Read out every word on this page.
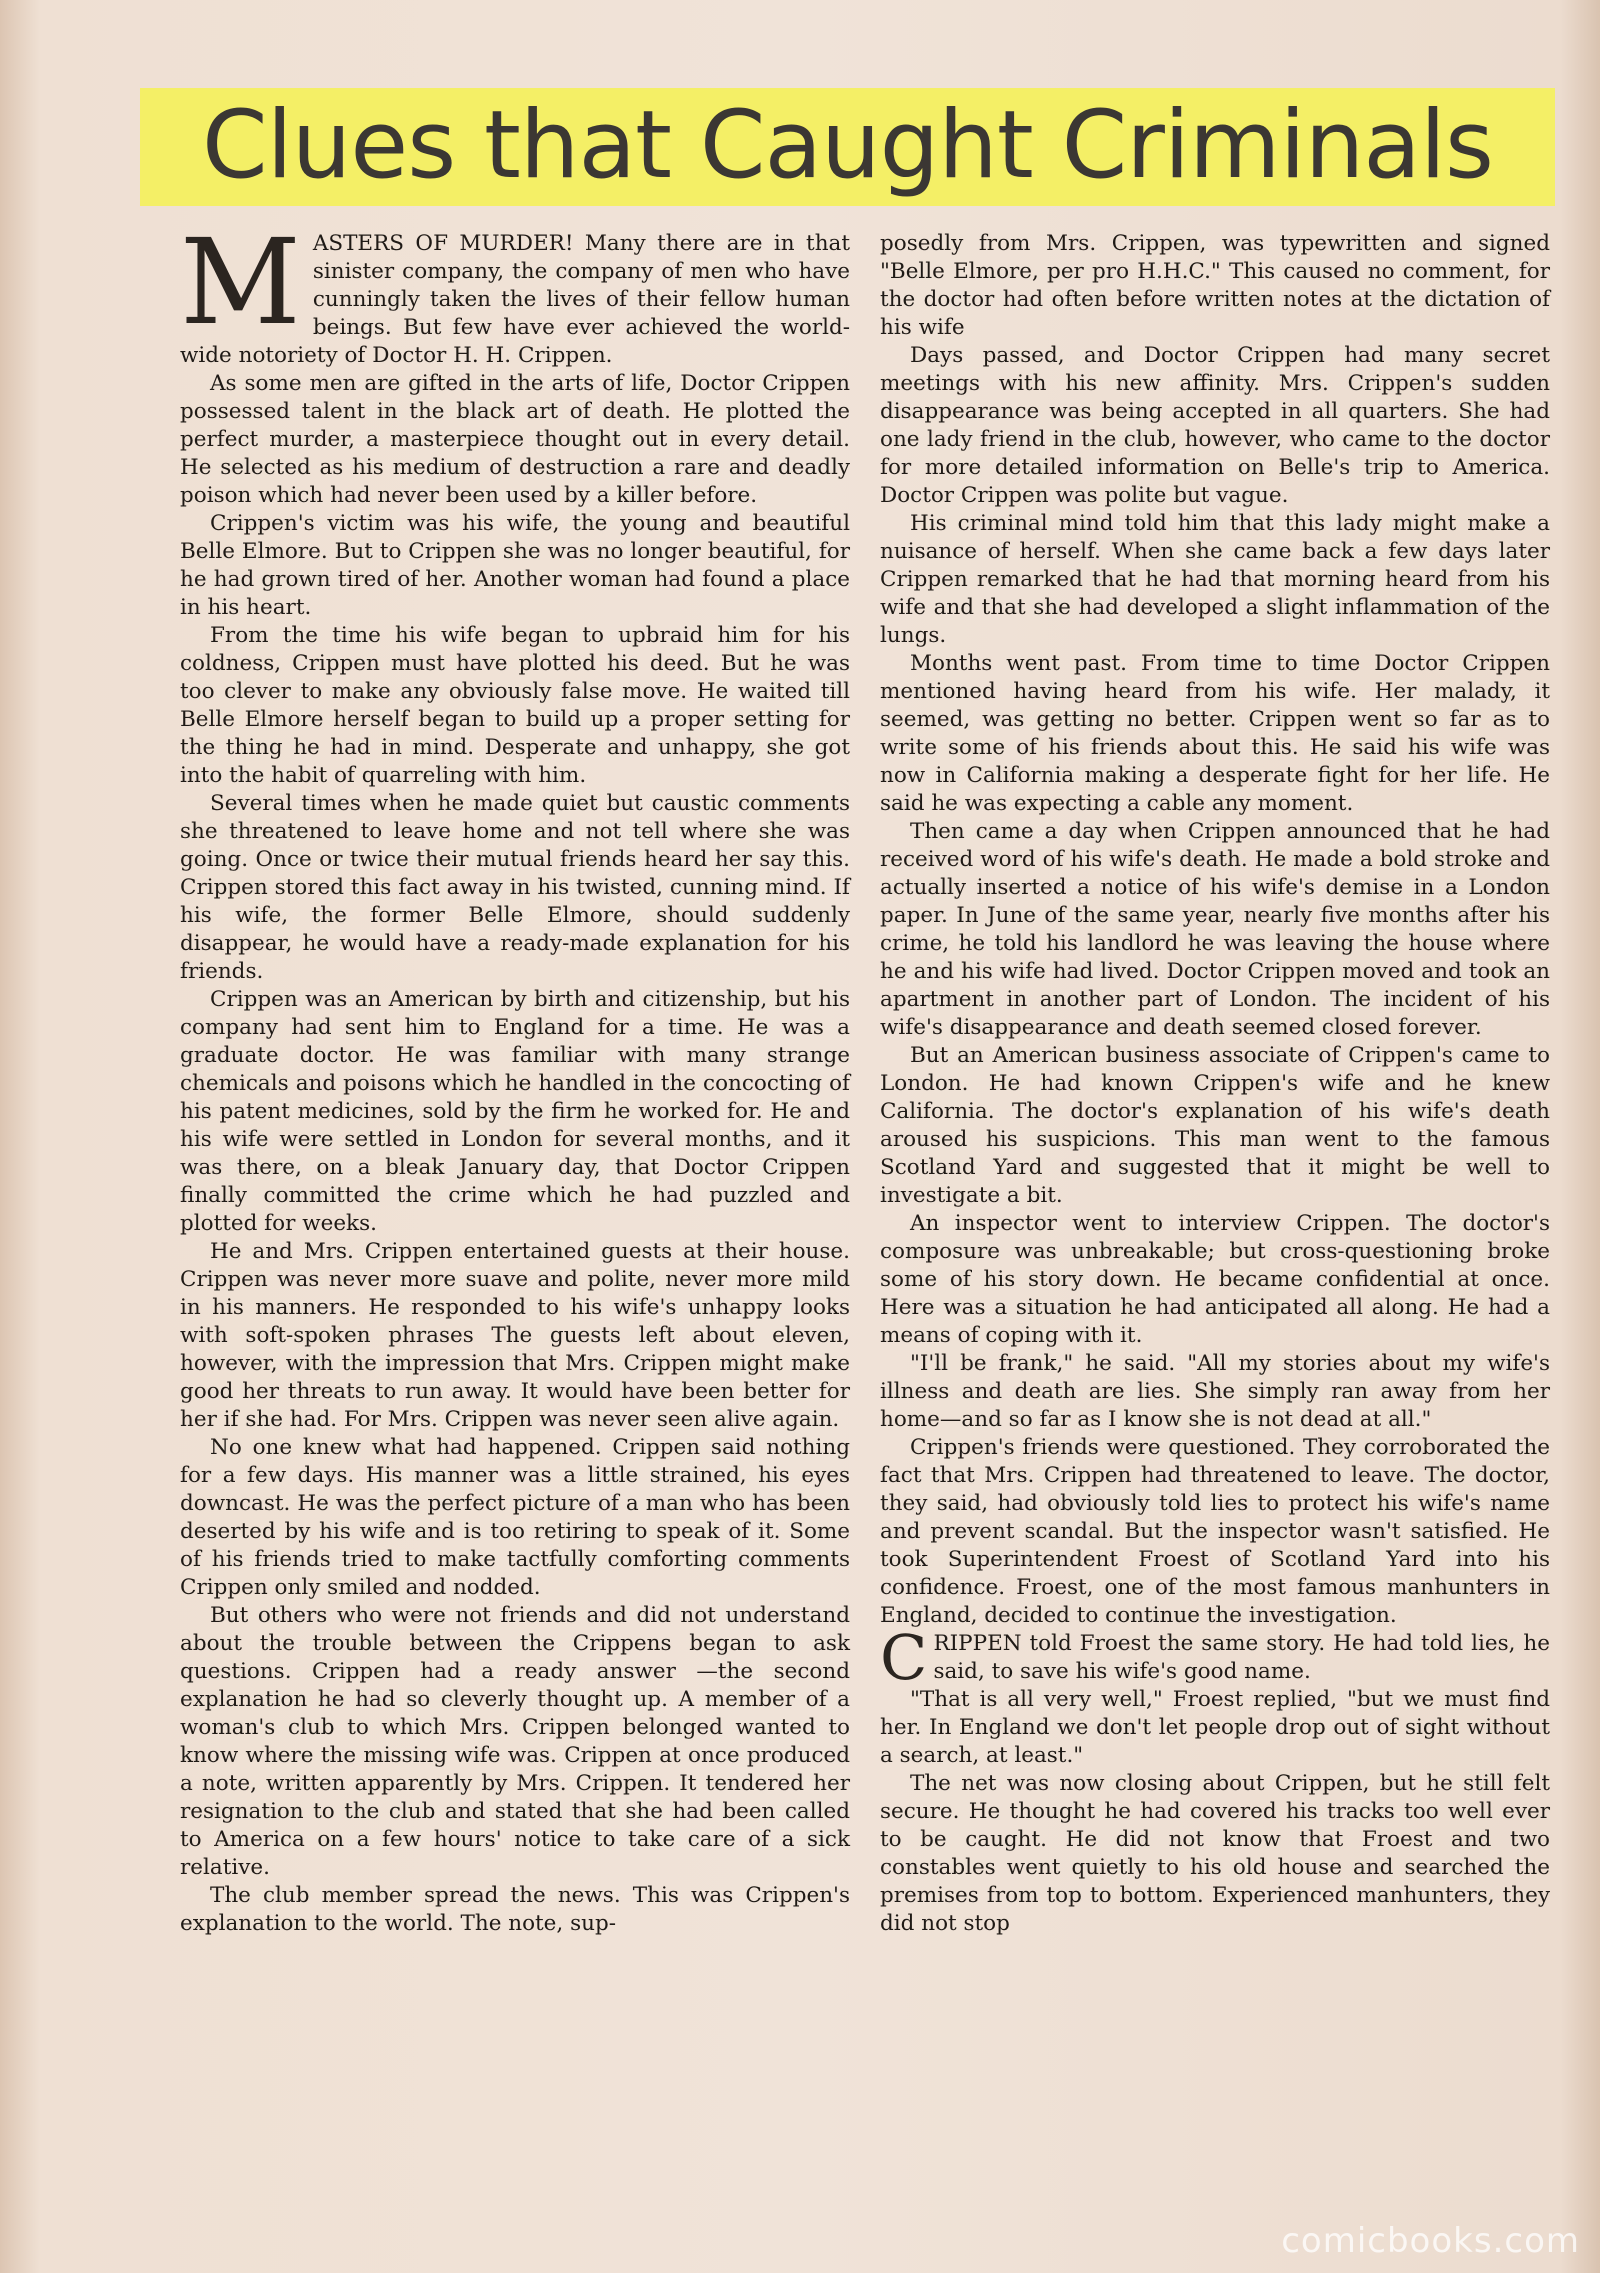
Clues that Caught Criminals

MASTERS OF MURDER! Many there are in that sinister company, the company of men who have cunningly taken the lives of their fellow human beings. But few have ever achieved the world-wide notoriety of Doctor H. H. Crippen.

As some men are gifted in the arts of life, Doctor Crippen possessed talent in the black art of death. He plotted the perfect murder, a masterpiece thought out in every detail. He selected as his medium of destruction a rare and deadly poison which had never been used by a killer before.

Crippen's victim was his wife, the young and beautiful Belle Elmore. But to Crippen she was no longer beautiful, for he had grown tired of her. Another woman had found a place in his heart.

From the time his wife began to upbraid him for his coldness, Crippen must have plotted his deed. But he was too clever to make any obviously false move. He waited till Belle Elmore herself began to build up a proper setting for the thing he had in mind. Desperate and unhappy, she got into the habit of quarreling with him.

Several times when he made quiet but caustic comments she threatened to leave home and not tell where she was going. Once or twice their mutual friends heard her say this. Crippen stored this fact away in his twisted, cunning mind. If his wife, the former Belle Elmore, should suddenly disappear, he would have a ready-made explanation for his friends.

Crippen was an American by birth and citizenship, but his company had sent him to England for a time. He was a graduate doctor. He was familiar with many strange chemicals and poisons which he handled in the concocting of his patent medicines, sold by the firm he worked for. He and his wife were settled in London for several months, and it was there, on a bleak January day, that Doctor Crippen finally committed the crime which he had puzzled and plotted for weeks.

He and Mrs. Crippen entertained guests at their house. Crippen was never more suave and polite, never more mild in his manners. He responded to his wife's unhappy looks with soft-spoken phrases The guests left about eleven, however, with the impression that Mrs. Crippen might make good her threats to run away. It would have been better for her if she had. For Mrs. Crippen was never seen alive again.

No one knew what had happened. Crippen said nothing for a few days. His manner was a little strained, his eyes downcast. He was the perfect picture of a man who has been deserted by his wife and is too retiring to speak of it. Some of his friends tried to make tactfully comforting comments Crippen only smiled and nodded.

But others who were not friends and did not understand about the trouble between the Crippens began to ask questions. Crippen had a ready answer —the second explanation he had so cleverly thought up. A member of a woman's club to which Mrs. Crippen belonged wanted to know where the missing wife was. Crippen at once produced a note, written apparently by Mrs. Crippen. It tendered her resignation to the club and stated that she had been called to America on a few hours' notice to take care of a sick relative.

The club member spread the news. This was Crippen's explanation to the world. The note, sup-

posedly from Mrs. Crippen, was typewritten and signed "Belle Elmore, per pro H.H.C." This caused no comment, for the doctor had often before written notes at the dictation of his wife

Days passed, and Doctor Crippen had many secret meetings with his new affinity. Mrs. Crippen's sudden disappearance was being accepted in all quarters. She had one lady friend in the club, however, who came to the doctor for more detailed information on Belle's trip to America. Doctor Crippen was polite but vague.

His criminal mind told him that this lady might make a nuisance of herself. When she came back a few days later Crippen remarked that he had that morning heard from his wife and that she had developed a slight inflammation of the lungs.

Months went past. From time to time Doctor Crippen mentioned having heard from his wife. Her malady, it seemed, was getting no better. Crippen went so far as to write some of his friends about this. He said his wife was now in California making a desperate fight for her life. He said he was expecting a cable any moment.

Then came a day when Crippen announced that he had received word of his wife's death. He made a bold stroke and actually inserted a notice of his wife's demise in a London paper. In June of the same year, nearly five months after his crime, he told his landlord he was leaving the house where he and his wife had lived. Doctor Crippen moved and took an apartment in another part of London. The incident of his wife's disappearance and death seemed closed forever.

But an American business associate of Crippen's came to London. He had known Crippen's wife and he knew California. The doctor's explanation of his wife's death aroused his suspicions. This man went to the famous Scotland Yard and suggested that it might be well to investigate a bit.

An inspector went to interview Crippen. The doctor's composure was unbreakable; but cross-questioning broke some of his story down. He became confidential at once. Here was a situation he had anticipated all along. He had a means of coping with it.

"I'll be frank," he said. "All my stories about my wife's illness and death are lies. She simply ran away from her home—and so far as I know she is not dead at all."

Crippen's friends were questioned. They corroborated the fact that Mrs. Crippen had threatened to leave. The doctor, they said, had obviously told lies to protect his wife's name and prevent scandal. But the inspector wasn't satisfied. He took Superintendent Froest of Scotland Yard into his confidence. Froest, one of the most famous manhunters in England, decided to continue the investigation.

CRIPPEN told Froest the same story. He had told lies, he said, to save his wife's good name.

"That is all very well," Froest replied, "but we must find her. In England we don't let people drop out of sight without a search, at least."

The net was now closing about Crippen, but he still felt secure. He thought he had covered his tracks too well ever to be caught. He did not know that Froest and two constables went quietly to his old house and searched the premises from top to bottom. Experienced manhunters, they did not stop

comicbooks.com
